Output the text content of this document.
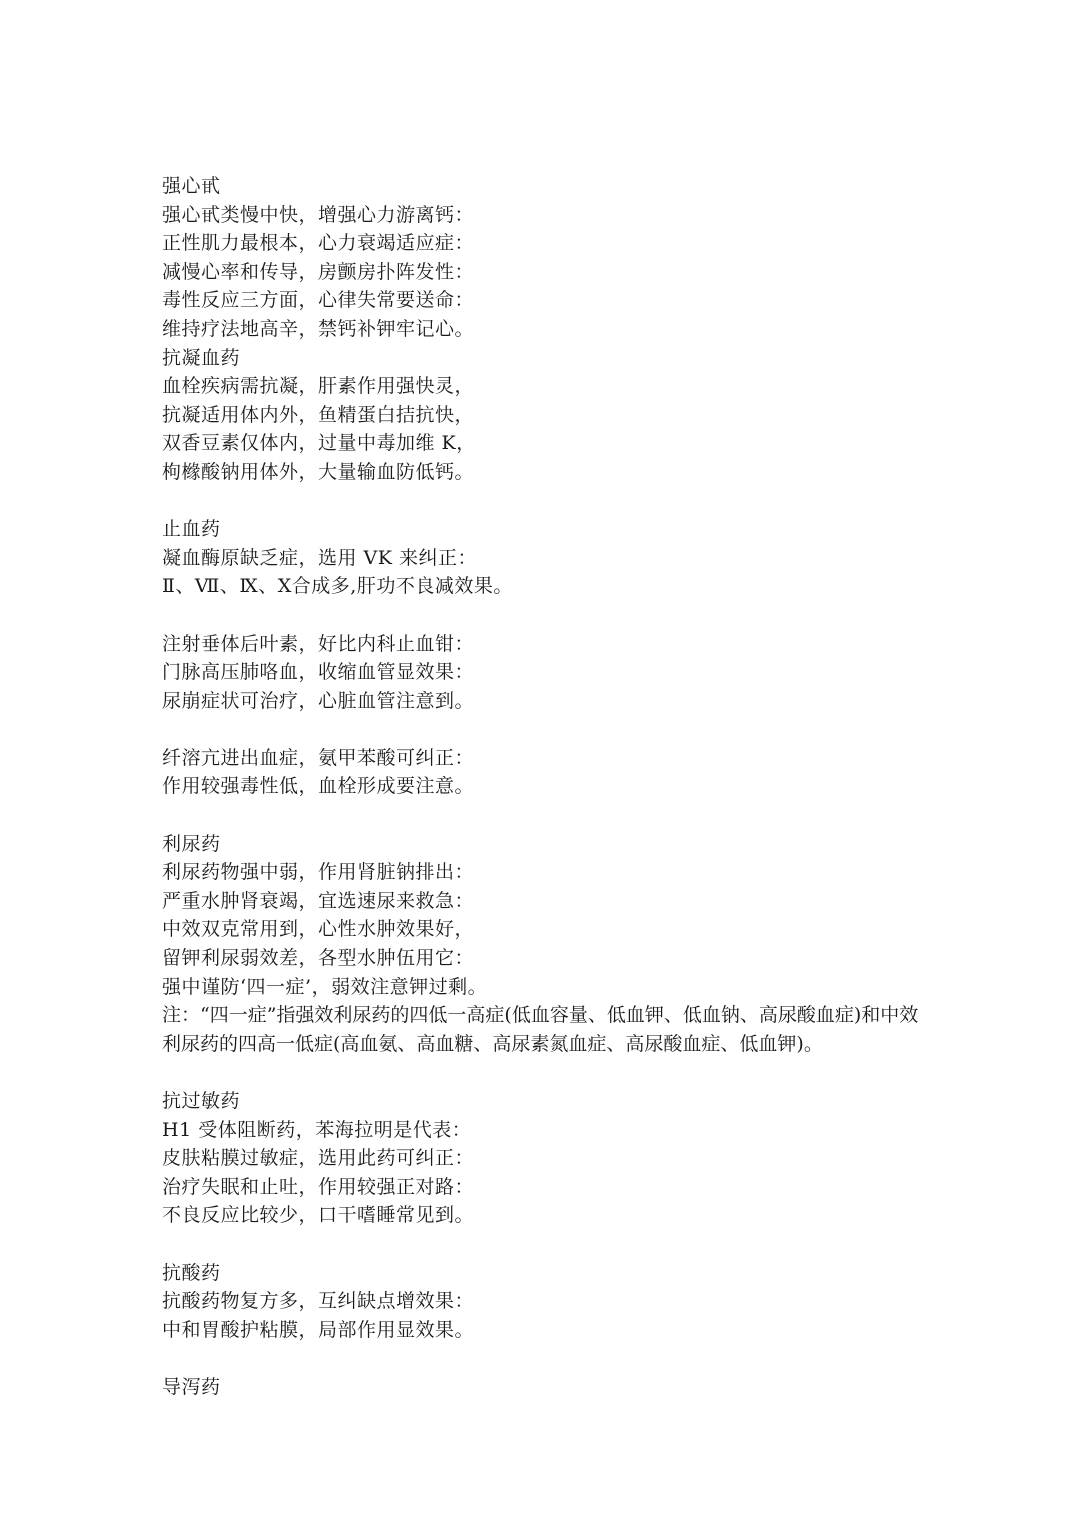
强心甙
强心甙类慢中快，增强心力游离钙：
正性肌力最根本，心力衰竭适应症：
减慢心率和传导，房颤房扑阵发性：
毒性反应三方面，心律失常要送命：
维持疗法地高辛，禁钙补钾牢记心。
抗凝血药
血栓疾病需抗凝，肝素作用强快灵，
抗凝适用体内外，鱼精蛋白拮抗快，
双香豆素仅体内，过量中毒加维 K，
枸橼酸钠用体外，大量输血防低钙。
止血药
凝血酶原缺乏症，选用 VK 来纠正：
Ⅱ、Ⅶ、Ⅸ、Ⅹ合成多,肝功不良减效果。
注射垂体后叶素，好比内科止血钳：
门脉高压肺咯血，收缩血管显效果：
尿崩症状可治疗，心脏血管注意到。
纤溶亢进出血症，氨甲苯酸可纠正：
作用较强毒性低，血栓形成要注意。
利尿药
利尿药物强中弱，作用肾脏钠排出：
严重水肿肾衰竭，宜选速尿来救急：
中效双克常用到，心性水肿效果好，
留钾利尿弱效差，各型水肿伍用它：
强中谨防‘四一症’，弱效注意钾过剩。
注：“四一症”指强效利尿药的四低一高症(低血容量、低血钾、低血钠、高尿酸血症)和中效
利尿药的四高一低症(高血氨、高血糖、高尿素氮血症、高尿酸血症、低血钾)。
抗过敏药
H1 受体阻断药，苯海拉明是代表：
皮肤粘膜过敏症，选用此药可纠正：
治疗失眠和止吐，作用较强正对路：
不良反应比较少，口干嗜睡常见到。
抗酸药
抗酸药物复方多，互纠缺点增效果：
中和胃酸护粘膜，局部作用显效果。
导泻药
